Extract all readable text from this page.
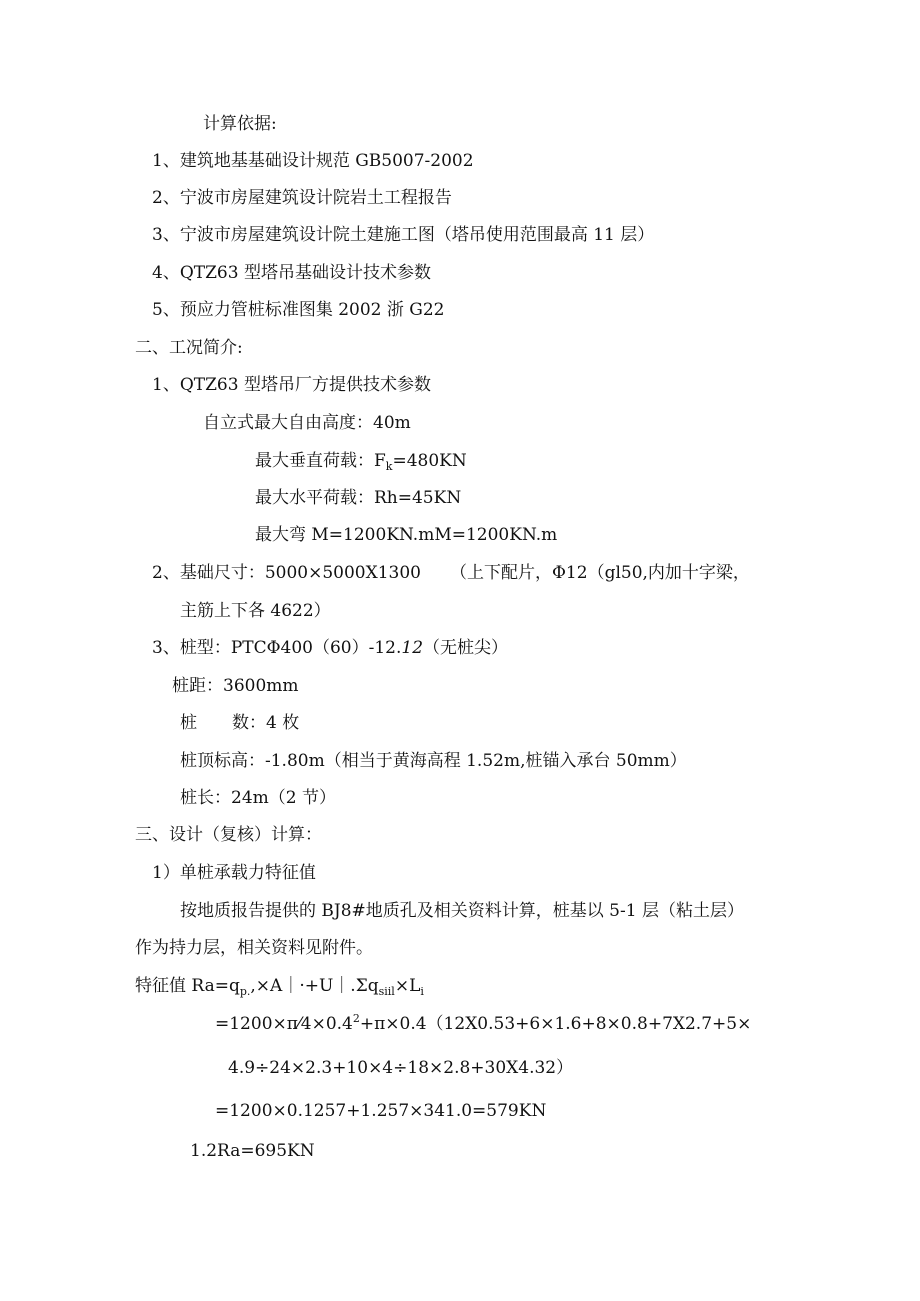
计算依据:
1、建筑地基基础设计规范 GB5007-2002
2、宁波市房屋建筑设计院岩土工程报告
3、宁波市房屋建筑设计院土建施工图（塔吊使用范围最高 11 层）
4、QTZ63 型塔吊基础设计技术参数
5、预应力管桩标准图集 2002 浙 G22
二、工况简介:
1、QTZ63 型塔吊厂方提供技术参数
自立式最大自由高度：40m
最大垂直荷载：$F_k=480KN$
最大水平荷载：Rh=45KN
最大弯 M=1200KN.mM=1200KN.m
2、基础尺寸：5000×5000X1300 （上下配片，Φ12（gl50,内加十字梁，
主筋上下各 4622）
3、桩型：PTCΦ400（60）-12.12（无桩尖）
桩距：3600mm
桩 数：4 枚
桩顶标高：-1.80m（相当于黄海高程 1.52m,桩锚入承台 50mm）
桩长：24m（2 节）
三、设计（复核）计算：
1）单桩承载力特征值
按地质报告提供的 BJ8#地质孔及相关资料计算，桩基以 5-1 层（粘土层）
作为持力层，相关资料见附件。
特征值 $Ra=q_{p.},\times A|\cdot+U|.\Sigma q_{siil}\times L_i$
$=1200\times\pi⁄4\times 0.4^2+\pi\times 0.4(12X0.53+6\times 1.6+8\times 0.8+7X2.7+5\times$
4.9÷24×2.3+10×4÷18×2.8+30X4.32）
=1200×0.1257+1.257×341.0=579KN
1.2Ra=695KN
